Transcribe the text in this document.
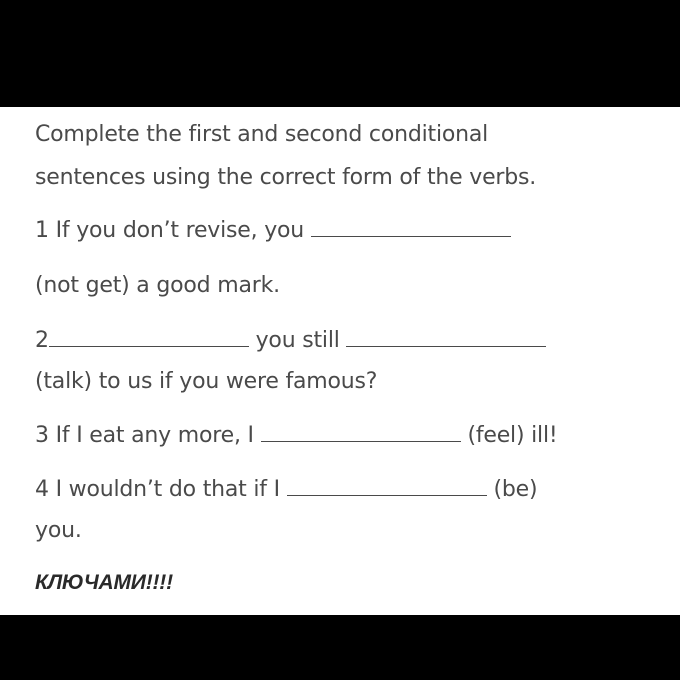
Complete the first and second conditional
sentences using the correct form of the verbs.
1 If you don’t revise, you
(not get) a good mark.
2	you still
(talk) to us if you were famous?
3 If I eat any more, I	(feel) ill!
4 I wouldn’t do that if I	(be)
you.
КЛЮЧАМИ!!!!
